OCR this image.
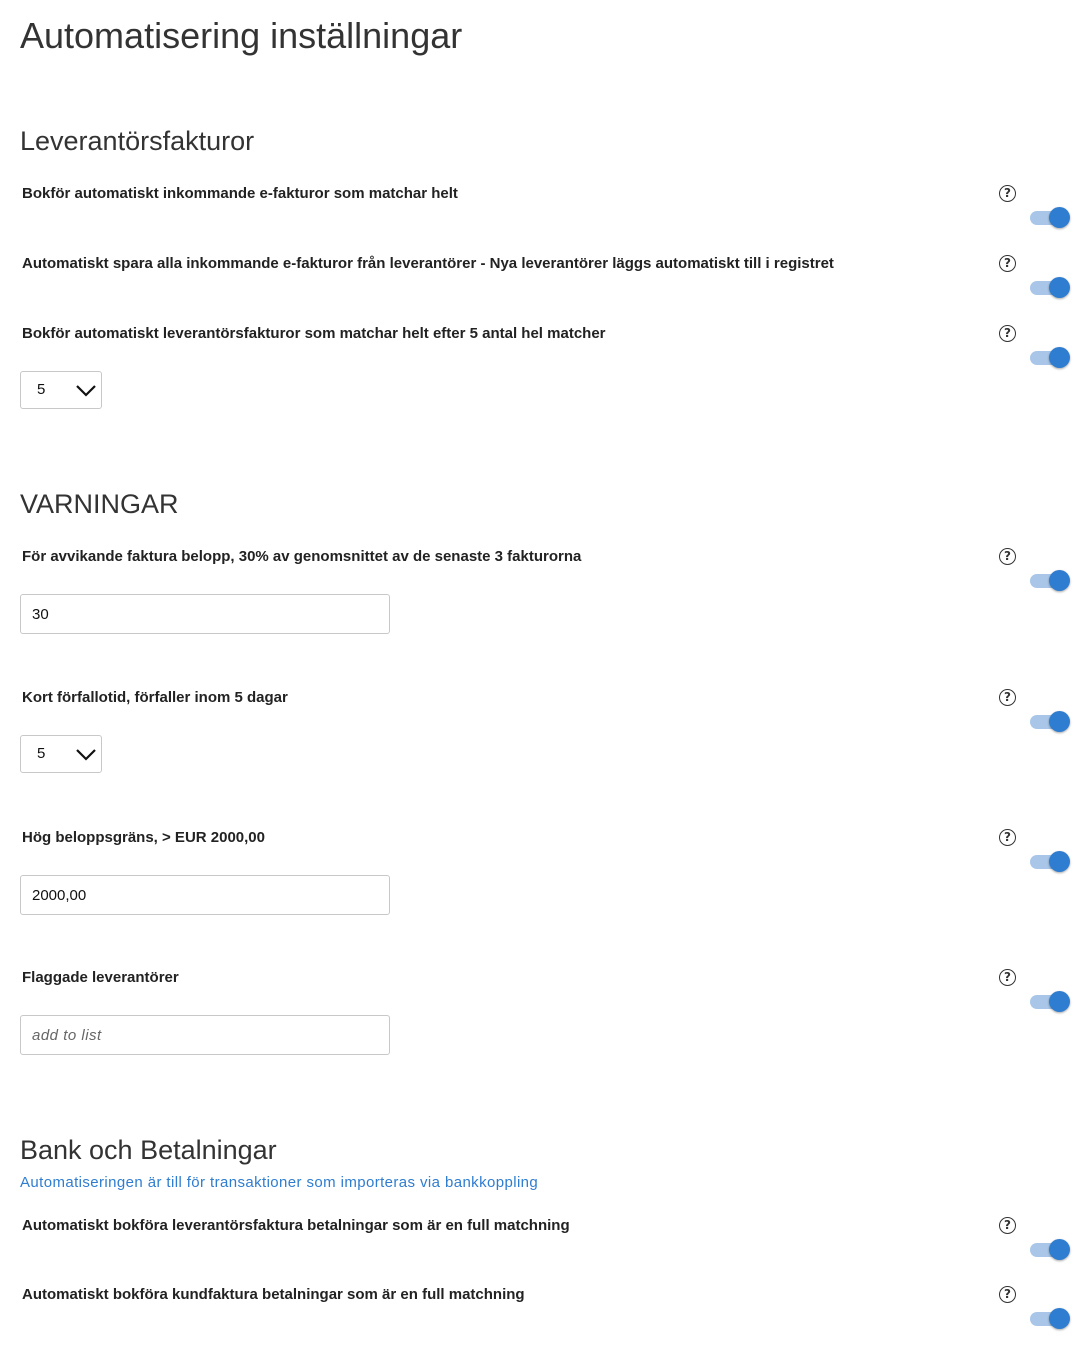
Automatisering inställningar
Leverantörsfakturor
Bokför automatiskt inkommande e-fakturor som matchar helt	?
Automatiskt spara alla inkommande e-fakturor från leverantörer - Nya leverantörer läggs automatiskt till i registret	?
Bokför automatiskt leverantörsfakturor som matchar helt efter 5 antal hel matcher	?
5
VARNINGAR
För avvikande faktura belopp, 30% av genomsnittet av de senaste 3 fakturorna	?
30
Kort förfallotid, förfaller inom 5 dagar	?
5
Hög beloppsgräns, > EUR 2000,00	?
2000,00
Flaggade leverantörer	?
add to list
Bank och Betalningar
Automatiseringen är till för transaktioner som importeras via bankkoppling
Automatiskt bokföra leverantörsfaktura betalningar som är en full matchning	?
Automatiskt bokföra kundfaktura betalningar som är en full matchning	?
